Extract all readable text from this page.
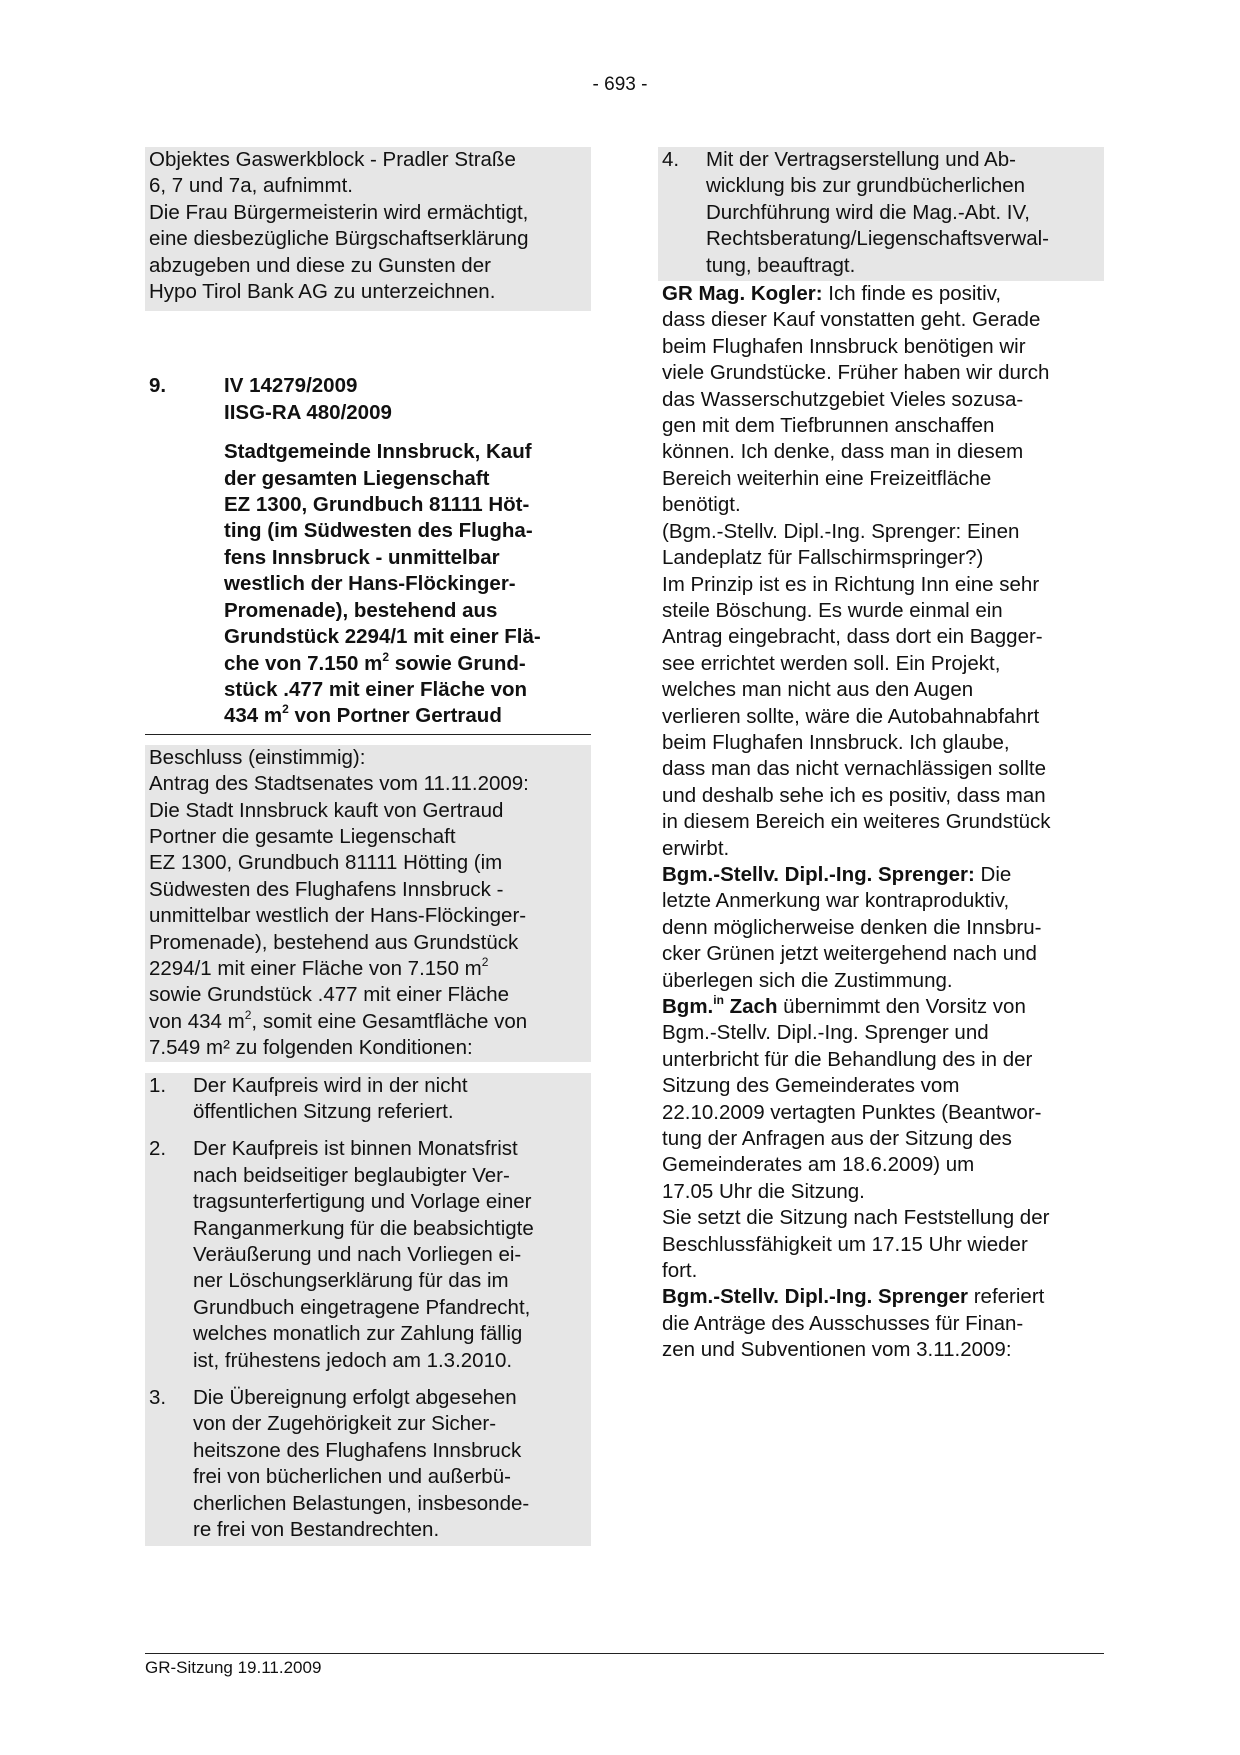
- 693 -

Objektes Gaswerkblock - Pradler Straße
6, 7 und 7a, aufnimmt.

Die Frau Bürgermeisterin wird ermächtigt,
eine diesbezügliche Bürgschaftserklärung
abzugeben und diese zu Gunsten der
Hypo Tirol Bank AG zu unterzeichnen.

9.	IV 14279/2009
IISG-RA 480/2009
Stadtgemeinde Innsbruck, Kauf
der gesamten Liegenschaft
EZ 1300, Grundbuch 81111 Höt-
ting (im Südwesten des Flugha-
fens Innsbruck - unmittelbar
westlich der Hans-Flöckinger-
Promenade), bestehend aus
Grundstück 2294/1 mit einer Flä-
che von 7.150 $m^2$ sowie Grund-
stück .477 mit einer Fläche von
434 $m^2$ von Portner Gertraud

Beschluss (einstimmig):

Antrag des Stadtsenates vom 11.11.2009:

Die Stadt Innsbruck kauft von Gertraud
Portner die gesamte Liegenschaft
EZ 1300, Grundbuch 81111 Hötting (im
Südwesten des Flughafens Innsbruck -
unmittelbar westlich der Hans-Flöckinger-
Promenade), bestehend aus Grundstück
2294/1 mit einer Fläche von 7.150 $m^2$
sowie Grundstück .477 mit einer Fläche
von 434 $m^2$, somit eine Gesamtfläche von
7.549 m² zu folgenden Konditionen:

1. Der Kaufpreis wird in der nicht
öffentlichen Sitzung referiert.
2. Der Kaufpreis ist binnen Monatsfrist
nach beidseitiger beglaubigter Ver-
tragsunterfertigung und Vorlage einer
Ranganmerkung für die beabsichtigte
Veräußerung und nach Vorliegen ei-
ner Löschungserklärung für das im
Grundbuch eingetragene Pfandrecht,
welches monatlich zur Zahlung fällig
ist, frühestens jedoch am 1.3.2010.
3. Die Übereignung erfolgt abgesehen
von der Zugehörigkeit zur Sicher-
heitszone des Flughafens Innsbruck
frei von bücherlichen und außerbü-
cherlichen Belastungen, insbesonde-
re frei von Bestandrechten.
4. Mit der Vertragserstellung und Ab-
wicklung bis zur grundbücherlichen
Durchführung wird die Mag.-Abt. IV,
Rechtsberatung/Liegenschaftsverwal-
tung, beauftragt.

GR Mag. Kogler: Ich finde es positiv,
dass dieser Kauf vonstatten geht. Gerade
beim Flughafen Innsbruck benötigen wir
viele Grundstücke. Früher haben wir durch
das Wasserschutzgebiet Vieles sozusa-
gen mit dem Tiefbrunnen anschaffen
können. Ich denke, dass man in diesem
Bereich weiterhin eine Freizeitfläche
benötigt.

(Bgm.-Stellv. Dipl.-Ing. Sprenger: Einen
Landeplatz für Fallschirmspringer?)

Im Prinzip ist es in Richtung Inn eine sehr
steile Böschung. Es wurde einmal ein
Antrag eingebracht, dass dort ein Bagger-
see errichtet werden soll. Ein Projekt,
welches man nicht aus den Augen
verlieren sollte, wäre die Autobahnabfahrt
beim Flughafen Innsbruck. Ich glaube,
dass man das nicht vernachlässigen sollte
und deshalb sehe ich es positiv, dass man
in diesem Bereich ein weiteres Grundstück
erwirbt.

Bgm.-Stellv. Dipl.-Ing. Sprenger: Die
letzte Anmerkung war kontraproduktiv,
denn möglicherweise denken die Innsbru-
cker Grünen jetzt weitergehend nach und
überlegen sich die Zustimmung.

Bgm.$^{in}$ Zach übernimmt den Vorsitz von
Bgm.-Stellv. Dipl.-Ing. Sprenger und
unterbricht für die Behandlung des in der
Sitzung des Gemeinderates vom
22.10.2009 vertagten Punktes (Beantwor-
tung der Anfragen aus der Sitzung des
Gemeinderates am 18.6.2009) um
17.05 Uhr die Sitzung.

Sie setzt die Sitzung nach Feststellung der
Beschlussfähigkeit um 17.15 Uhr wieder
fort.

Bgm.-Stellv. Dipl.-Ing. Sprenger referiert
die Anträge des Ausschusses für Finan-
zen und Subventionen vom 3.11.2009:

GR-Sitzung 19.11.2009
